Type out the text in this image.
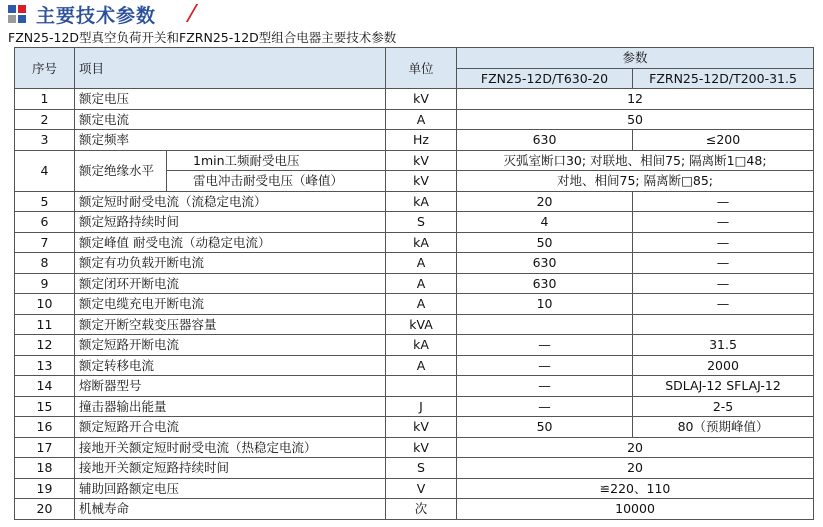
主要技术参数
FZN25-12D型真空负荷开关和FZRN25-12D型组合电器主要技术参数
序号	项目		单位	参数	
				FZN25-12D/T630-20	FZRN25-12D/T200-31.5
1	额定电压		kV	12	
2	额定电流		A	50	
3	额定频率		Hz	630	≤200
4	额定绝缘水平	1min工频耐受电压	kV	灭弧室断口30; 对联地、相间75; 隔离断1□48;	
		雷电冲击耐受电压（峰值）	kV	对地、相间75; 隔离断□85;	
5	额定短时耐受电流（流稳定电流）		kA	20	—
6	额定短路持续时间		S	4	—
7	额定峰值 耐受电流（动稳定电流）		kA	50	—
8	额定有功负载开断电流		A	630	—
9	额定闭环开断电流		A	630	—
10	额定电缆充电开断电流		A	10	—
11	额定开断空载变压器容量		kVA		
12	额定短路开断电流		kA	—	31.5
13	额定转移电流		A	—	2000
14	熔断器型号			—	SDLAJ-12 SFLAJ-12
15	撞击器输出能量		J	—	2-5
16	额定短路开合电流		kV	50	80（预期峰值）
17	接地开关额定短时耐受电流（热稳定电流）		kV	20	
18	接地开关额定短路持续时间		S	20	
19	辅助回路额定电压		V	≌220、110	
20	机械寿命		次	10000	
